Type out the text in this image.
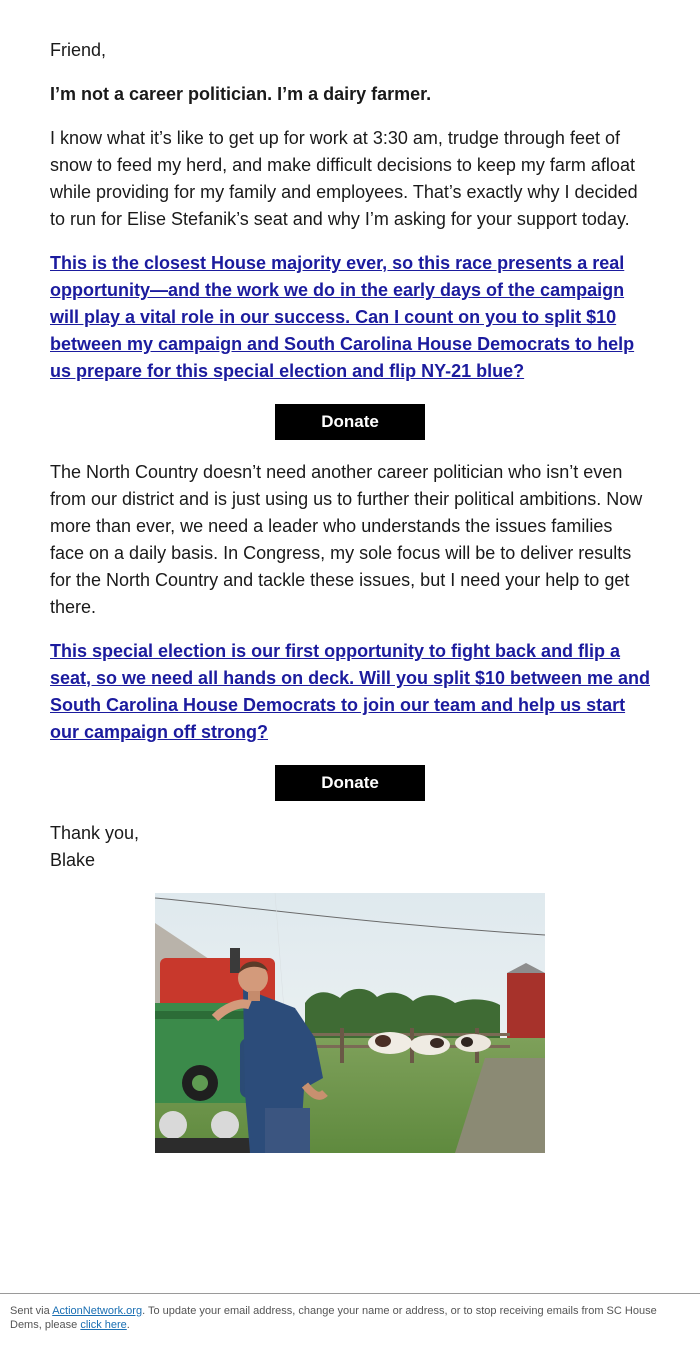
Friend,

I’m not a career politician. I’m a dairy farmer.

I know what it’s like to get up for work at 3:30 am, trudge through feet of snow to feed my herd, and make difficult decisions to keep my farm afloat while providing for my family and employees. That’s exactly why I decided to run for Elise Stefanik’s seat and why I’m asking for your support today.

This is the closest House majority ever, so this race presents a real opportunity—and the work we do in the early days of the campaign will play a vital role in our success. Can I count on you to split $10 between my campaign and South Carolina House Democrats to help us prepare for this special election and flip NY-21 blue?
Donate

The North Country doesn’t need another career politician who isn’t even from our district and is just using us to further their political ambitions. Now more than ever, we need a leader who understands the issues families face on a daily basis. In Congress, my sole focus will be to deliver results for the North Country and tackle these issues, but I need your help to get there.

This special election is our first opportunity to fight back and flip a seat, so we need all hands on deck. Will you split $10 between me and South Carolina House Democrats to join our team and help us start our campaign off strong?
Donate

Thank you,

Blake

Sent via ActionNetwork.org. To update your email address, change your name or address, or to stop receiving emails from SC House Dems, please click here.
